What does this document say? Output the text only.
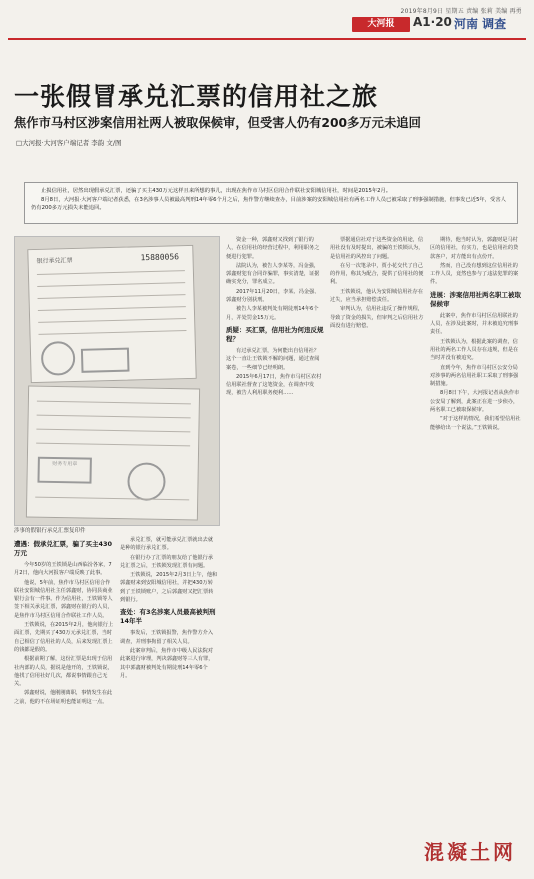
2019年8月9日 星期五 责编 张莉 美编 再勇
大河报	A1·20 河南 调查
一张假冒承兑汇票的信用社之旅
焦作市马村区涉案信用社两人被取保候审，但受害人仍有200多万元未追回
□大河报·大河客户端记者 李韵 文/图

止损信用社，居然出现假承兑汇票，还骗了买主430万元这样且来所想的事儿，出现在焦作市马村区信用合作联社安阳城信用社，时间是2015年2月。

8月8日，大河报·大河客户端记者获悉，在3名涉事人员被最高判刑14年零6个月之后，焦作警方继续查办，目前涉案的安阳城信用社有两名工作人员已被采取了刑事强制措施，但事发已近5年，受害人仍有200多万元损失未能追回。

银行承兑汇票	15880056
财务专用章
涉事的假银行承兑汇票复印件
遭遇：假承兑汇票，骗了买主430万元

今年50岁的王铁锁是山西临汾各家，7月2日，他向大河报客户端反映了此事。

他说，5年前，焦作市马村区信用合作联社安阳城信用社主任郭鑫财，协同县商业银行会有一件事。作为信用社，王铁锁等人签下相关承兑汇票，郭鑫财在银行的人员，是焦作市马村区信用合作联社工作人员。

王铁锁说，在2015年2月，他向银行上面汇票，先期买了430万元承兑汇票，当时自己相信了信用社的人员，后来发现汇票上的钱都是假的。

根据前期了解，这份汇票是出现于信用社内部的人员，据说是他开的，王铁锁说，他找了信用社好几次，都说事情跟自己无关。

郭鑫财说，他刚刚离职，事情发生在此之前，他的不在场证明也能证明这一点。

承兑汇票，就可能承兑汇票就出去就是种的银行承兑汇票。

在银行办了汇票的朋友给了他银行承兑汇票之后，王铁锁发现汇票有问题。

王铁锁说，2015年2月3日上午，他和郭鑫财来到安阳城信用社，并把430万转到了王铁锁账户，之后郭鑫财又把汇票转到银行。

查处：有3名涉案人员最高被判刑14年半

事发后，王铁锁报警，焦作警方介入调查，并刑事拘留了相关人员。

此案审判后，焦作市中级人民法院对此案进行审理，判决郭鑫财等三人有罪，其中郭鑫财被判处有期徒刑14年零6个月。

资金一种，郭鑫财又找到了银行的人，在信用社的经营过程中，利用职务之便进行犯罪。

法院认为，被告人李某等，冯金强，郭鑫财犯有合同诈骗罪，事实清楚，证据确实充分，罪名成立。

2017年11月20日，李某、冯金强、郭鑫财分别获刑。

被告人李某被判处有期徒刑14年6个月，并处罚金15万元。

质疑：买汇票，信用社为何违反规程？

有过承兑汇票，为何能出自信用社？这个一直让王铁锁不解的问题，通过查阅案卷，一些细节已经明朗。

2015年6月17日，焦作市马村区农村信用联社督查了这笔资金，在调查中发现，被告人利用职务便利……

票据通信社对于这些资金的用途，信用社没有及时提出，被骗的王铁锁认为，是信用社的风控出了问题。

在另一次笔录中，贾小花交代了自己的作用，称其为配合，提供了信用社的便利。

王铁锁说，他认为安阳城信用社存在过失，应当承担赔偿责任。

审判认为，信用社违反了操作规程，导致了资金的损失，但审判之后信用社方面没有进行赔偿。

期待，他当时认为，郭鑫财是马村区的信用社，有实力，也是信用社的贷款客户，对方能出有点份开。

然而，自己没有想到这位信用社的工作人员，竟然也参与了违法犯罪的案件。

进展：涉案信用社两名职工被取保候审

此案中，焦作市马村区信用联社的人员，在涉及此案时，并未被追究刑事责任。

王铁锁认为，根据此案的调查，信用社的两名工作人员存在违规，但是在当时并没有被追究。

直到今年，焦作市马村区公安分局对涉事的两名信用社职工采取了刑事强制措施。

8月8日下午，大河报记者从焦作市公安局了解到，此案正在进一步侦办，两名职工已被取保候审。

“对于这样的情况，我们希望信用社能够给出一个说法。”王铁锁说。

混凝土网
